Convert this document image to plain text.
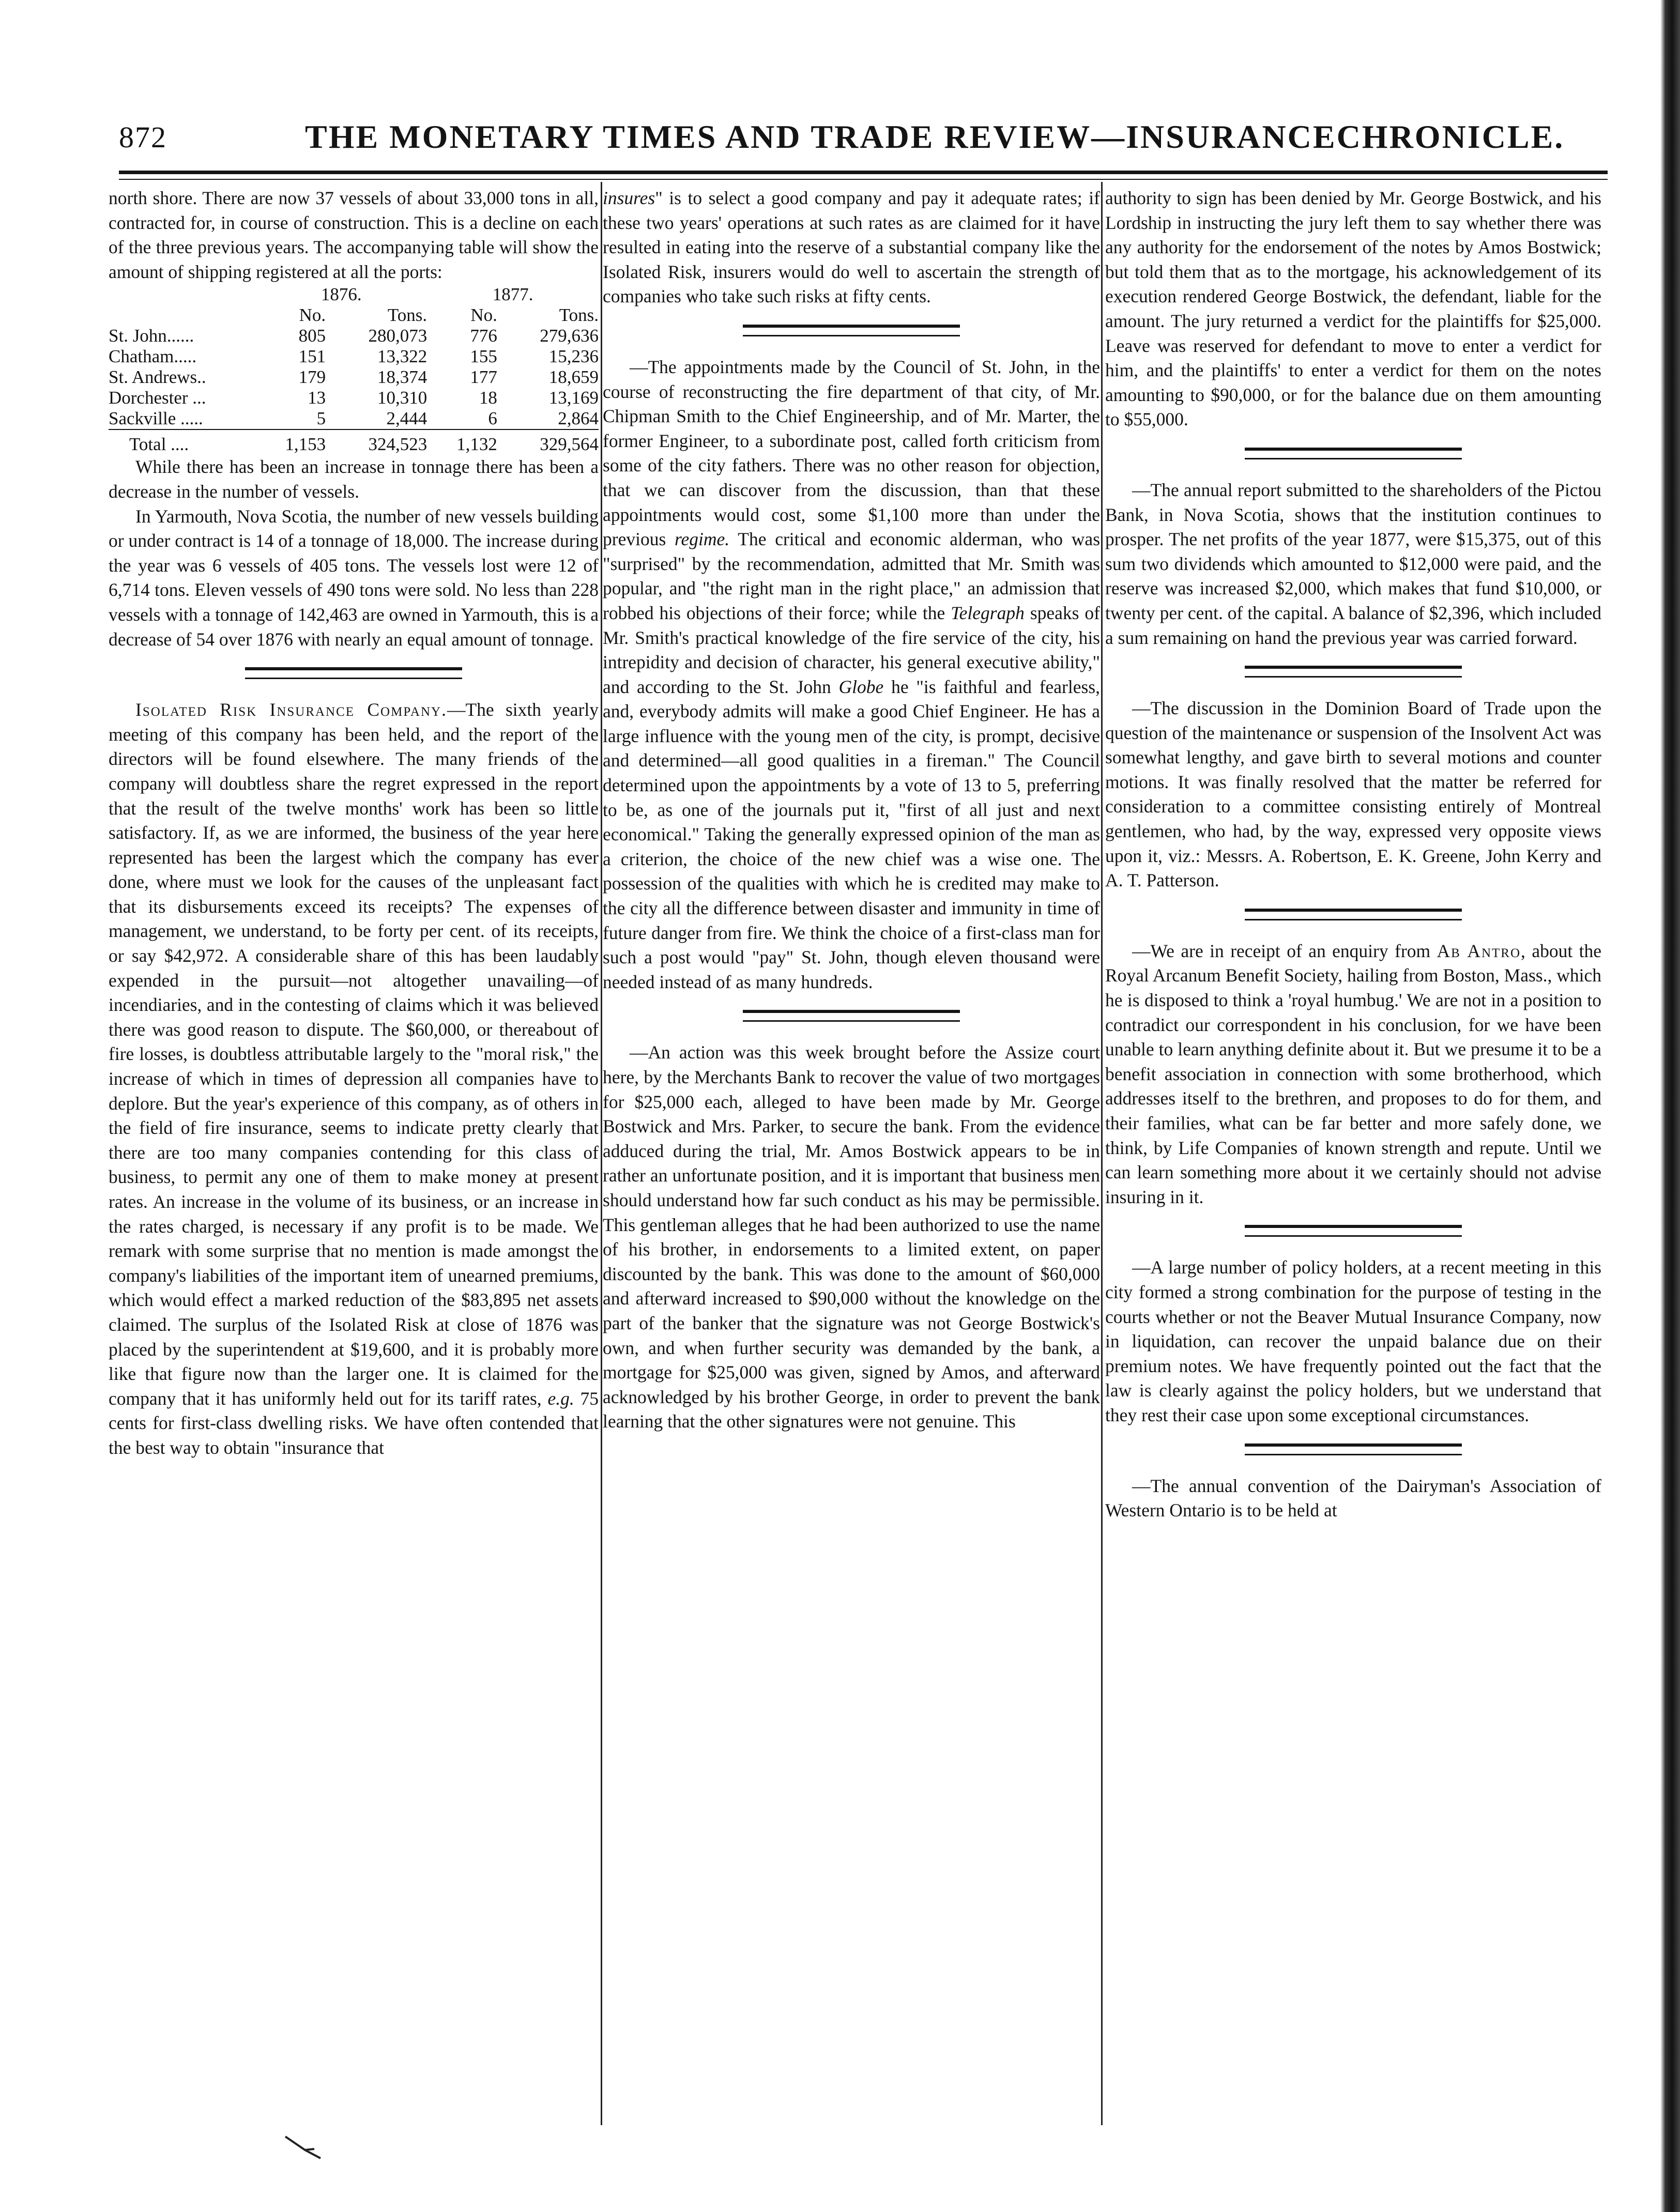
872	THE MONETARY TIMES AND TRADE REVIEW—INSURANCECHRONICLE.

north shore. There are now 37 vessels of about 33,000 tons in all, contracted for, in course of construction. This is a decline on each of the three previous years. The accompanying table will show the amount of shipping registered at all the ports:

	1876.		1877.	
	No.	Tons.	No.	Tons.
St. John......	805	280,073	776	279,636
Chatham.....	151	13,322	155	15,236
St. Andrews..	179	18,374	177	18,659
Dorchester ...	13	10,310	18	13,169
Sackville .....	5	2,444	6	2,864
Total ....	1,153	324,523	1,132	329,564

While there has been an increase in tonnage there has been a decrease in the number of vessels.

In Yarmouth, Nova Scotia, the number of new vessels building or under contract is 14 of a tonnage of 18,000. The increase during the year was 6 vessels of 405 tons. The vessels lost were 12 of 6,714 tons. Eleven vessels of 490 tons were sold. No less than 228 vessels with a tonnage of 142,463 are owned in Yarmouth, this is a decrease of 54 over 1876 with nearly an equal amount of tonnage.

Isolated Risk Insurance Company.—The sixth yearly meeting of this company has been held, and the report of the directors will be found elsewhere. The many friends of the company will doubtless share the regret expressed in the report that the result of the twelve months' work has been so little satisfactory. If, as we are informed, the business of the year here represented has been the largest which the company has ever done, where must we look for the causes of the unpleasant fact that its disbursements exceed its receipts? The expenses of management, we understand, to be forty per cent. of its receipts, or say $42,972. A considerable share of this has been laudably expended in the pursuit—not altogether unavailing—of incendiaries, and in the contesting of claims which it was believed there was good reason to dispute. The $60,000, or thereabout of fire losses, is doubtless attributable largely to the "moral risk," the increase of which in times of depression all companies have to deplore. But the year's experience of this company, as of others in the field of fire insurance, seems to indicate pretty clearly that there are too many companies contending for this class of business, to permit any one of them to make money at present rates. An increase in the volume of its business, or an increase in the rates charged, is necessary if any profit is to be made. We remark with some surprise that no mention is made amongst the company's liabilities of the important item of unearned premiums, which would effect a marked reduction of the $83,895 net assets claimed. The surplus of the Isolated Risk at close of 1876 was placed by the superintendent at $19,600, and it is probably more like that figure now than the larger one. It is claimed for the company that it has uniformly held out for its tariff rates, e.g. 75 cents for first-class dwelling risks. We have often contended that the best way to obtain "insurance that

insures" is to select a good company and pay it adequate rates; if these two years' operations at such rates as are claimed for it have resulted in eating into the reserve of a substantial company like the Isolated Risk, insurers would do well to ascertain the strength of companies who take such risks at fifty cents.

—The appointments made by the Council of St. John, in the course of reconstructing the fire department of that city, of Mr. Chipman Smith to the Chief Engineership, and of Mr. Marter, the former Engineer, to a subordinate post, called forth criticism from some of the city fathers. There was no other reason for objection, that we can discover from the discussion, than that these appointments would cost, some $1,100 more than under the previous regime. The critical and economic alderman, who was "surprised" by the recommendation, admitted that Mr. Smith was popular, and "the right man in the right place," an admission that robbed his objections of their force; while the Telegraph speaks of Mr. Smith's practical knowledge of the fire service of the city, his intrepidity and decision of character, his general executive ability," and according to the St. John Globe he "is faithful and fearless, and, everybody admits will make a good Chief Engineer. He has a large influence with the young men of the city, is prompt, decisive and determined—all good qualities in a fireman." The Council determined upon the appointments by a vote of 13 to 5, preferring to be, as one of the journals put it, "first of all just and next economical." Taking the generally expressed opinion of the man as a criterion, the choice of the new chief was a wise one. The possession of the qualities with which he is credited may make to the city all the difference between disaster and immunity in time of future danger from fire. We think the choice of a first-class man for such a post would "pay" St. John, though eleven thousand were needed instead of as many hundreds.

—An action was this week brought before the Assize court here, by the Merchants Bank to recover the value of two mortgages for $25,000 each, alleged to have been made by Mr. George Bostwick and Mrs. Parker, to secure the bank. From the evidence adduced during the trial, Mr. Amos Bostwick appears to be in rather an unfortunate position, and it is important that business men should understand how far such conduct as his may be permissible. This gentleman alleges that he had been authorized to use the name of his brother, in endorsements to a limited extent, on paper discounted by the bank. This was done to the amount of $60,000 and afterward increased to $90,000 without the knowledge on the part of the banker that the signature was not George Bostwick's own, and when further security was demanded by the bank, a mortgage for $25,000 was given, signed by Amos, and afterward acknowledged by his brother George, in order to prevent the bank learning that the other signatures were not genuine. This

authority to sign has been denied by Mr. George Bostwick, and his Lordship in instructing the jury left them to say whether there was any authority for the endorsement of the notes by Amos Bostwick; but told them that as to the mortgage, his acknowledgement of its execution rendered George Bostwick, the defendant, liable for the amount. The jury returned a verdict for the plaintiffs for $25,000. Leave was reserved for defendant to move to enter a verdict for him, and the plaintiffs' to enter a verdict for them on the notes amounting to $90,000, or for the balance due on them amounting to $55,000.

—The annual report submitted to the shareholders of the Pictou Bank, in Nova Scotia, shows that the institution continues to prosper. The net profits of the year 1877, were $15,375, out of this sum two dividends which amounted to $12,000 were paid, and the reserve was increased $2,000, which makes that fund $10,000, or twenty per cent. of the capital. A balance of $2,396, which included a sum remaining on hand the previous year was carried forward.

—The discussion in the Dominion Board of Trade upon the question of the maintenance or suspension of the Insolvent Act was somewhat lengthy, and gave birth to several motions and counter motions. It was finally resolved that the matter be referred for consideration to a committee consisting entirely of Montreal gentlemen, who had, by the way, expressed very opposite views upon it, viz.: Messrs. A. Robertson, E. K. Greene, John Kerry and A. T. Patterson.

—We are in receipt of an enquiry from Ab Antro, about the Royal Arcanum Benefit Society, hailing from Boston, Mass., which he is disposed to think a 'royal humbug.' We are not in a position to contradict our correspondent in his conclusion, for we have been unable to learn anything definite about it. But we presume it to be a benefit association in connection with some brotherhood, which addresses itself to the brethren, and proposes to do for them, and their families, what can be far better and more safely done, we think, by Life Companies of known strength and repute. Until we can learn something more about it we certainly should not advise insuring in it.

—A large number of policy holders, at a recent meeting in this city formed a strong combination for the purpose of testing in the courts whether or not the Beaver Mutual Insurance Company, now in liquidation, can recover the unpaid balance due on their premium notes. We have frequently pointed out the fact that the law is clearly against the policy holders, but we understand that they rest their case upon some exceptional circumstances.

—The annual convention of the Dairyman's Association of Western Ontario is to be held at
